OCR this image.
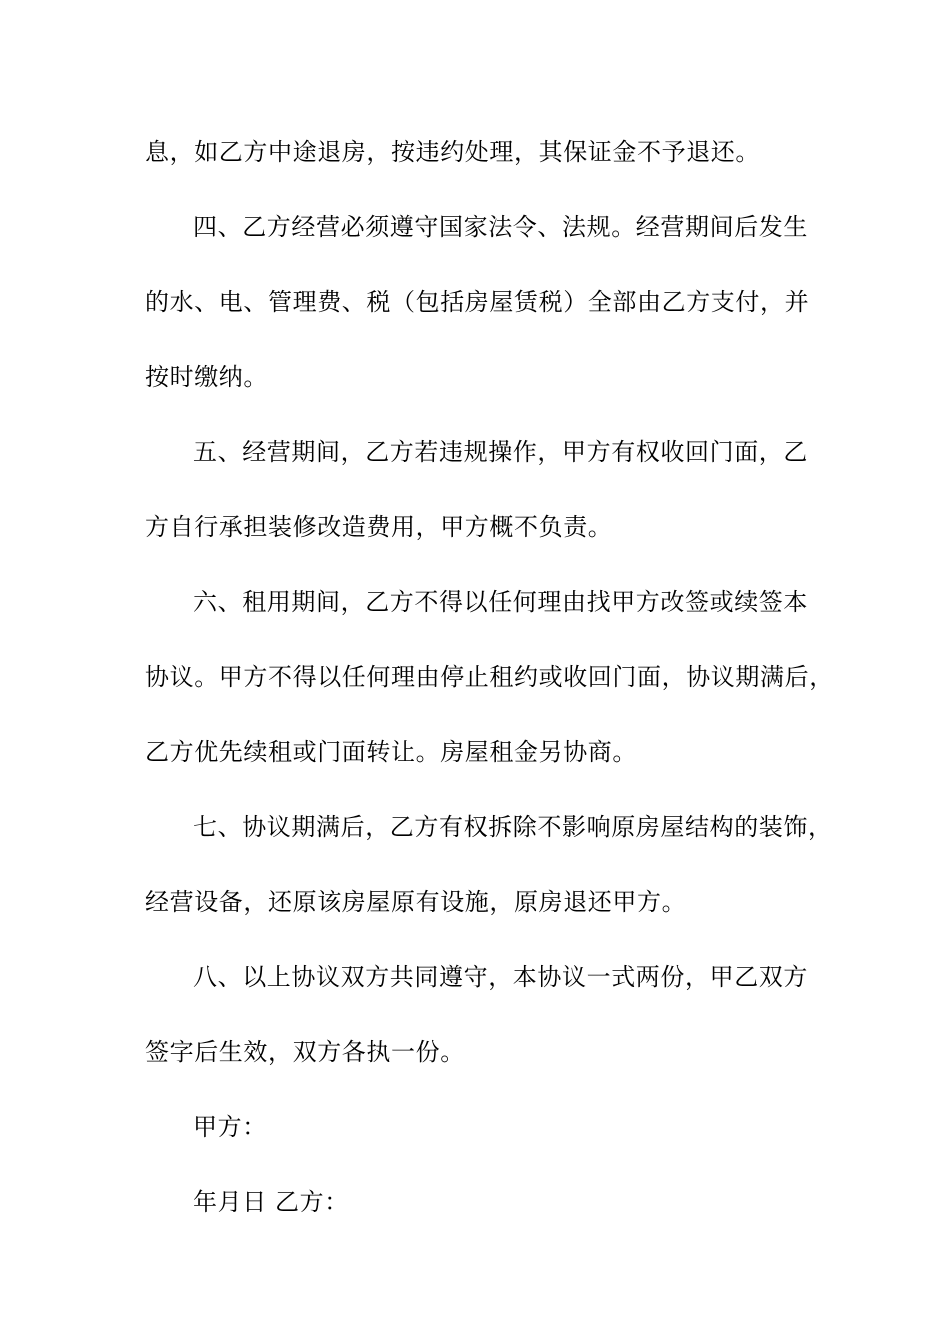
息，如乙方中途退房，按违约处理，其保证金不予退还。
四、乙方经营必须遵守国家法令、法规。经营期间后发生
的水、电、管理费、税（包括房屋赁税）全部由乙方支付，并
按时缴纳。
五、经营期间，乙方若违规操作，甲方有权收回门面，乙
方自行承担装修改造费用，甲方概不负责。
六、租用期间，乙方不得以任何理由找甲方改签或续签本
协议。甲方不得以任何理由停止租约或收回门面，协议期满后，
乙方优先续租或门面转让。房屋租金另协商。
七、协议期满后，乙方有权拆除不影响原房屋结构的装饰，
经营设备，还原该房屋原有设施，原房退还甲方。
八、以上协议双方共同遵守，本协议一式两份，甲乙双方
签字后生效，双方各执一份。
甲方：
年月日 乙方：
